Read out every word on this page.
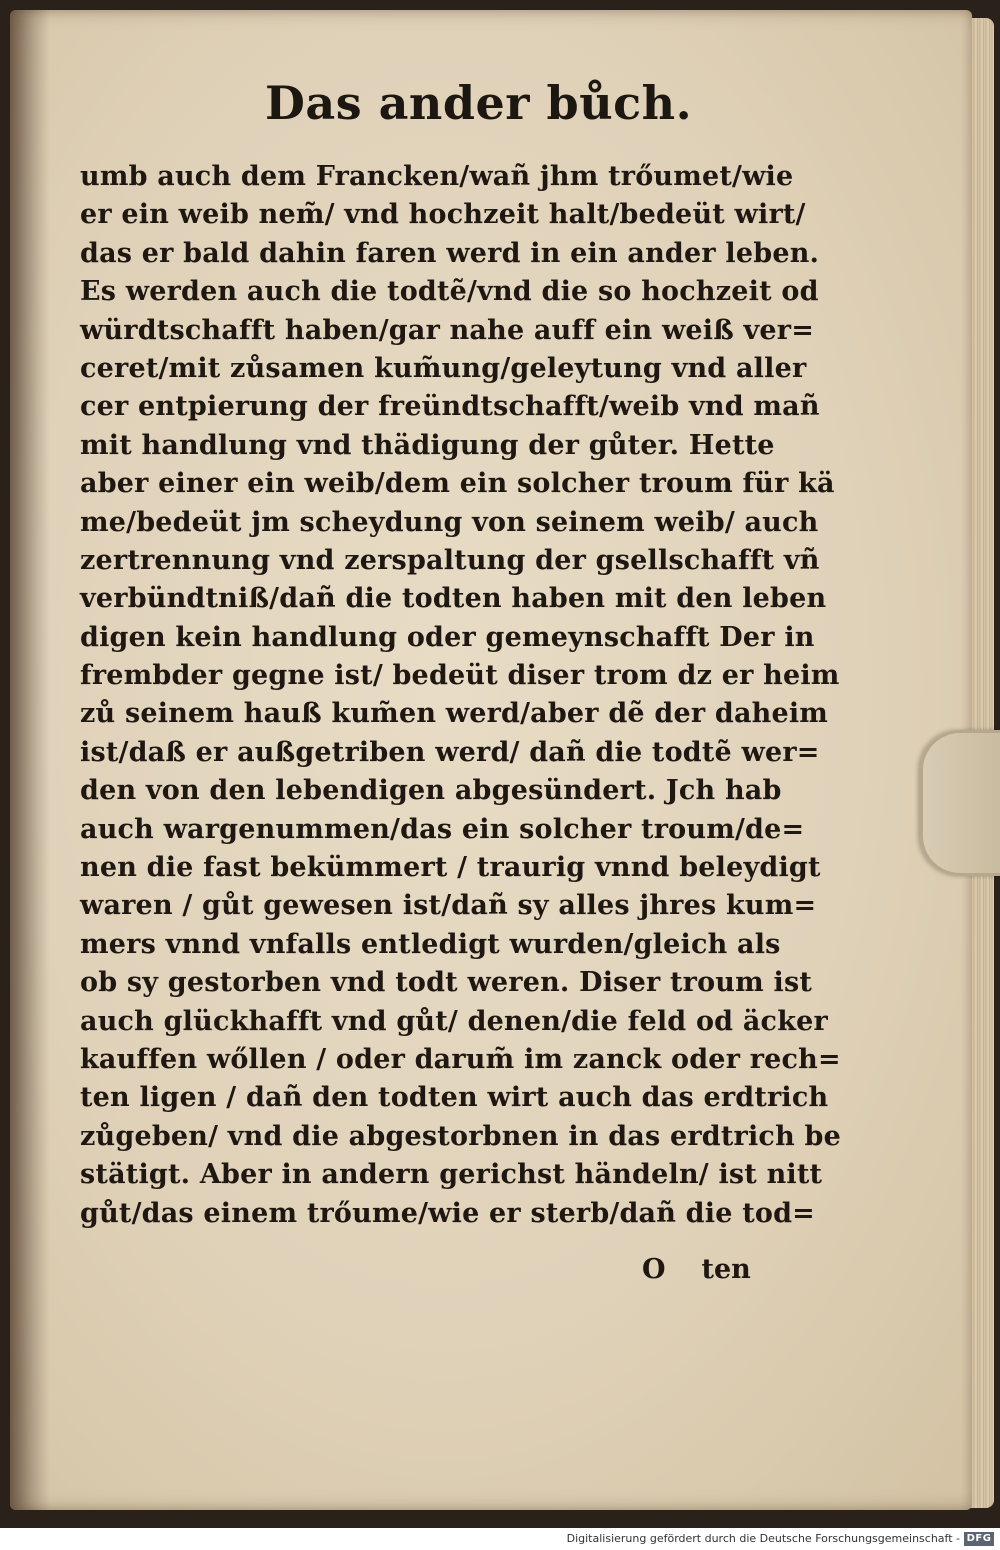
Das ander bůch.
umb auch dem Francken/wañ jhm trőumet/wie
er ein weib nem̃/ vnd hochzeit halt/bedeüt wirt/
das er bald dahin faren werd in ein ander leben.
Es werden auch die todtẽ/vnd die so hochzeit od
würdtschafft haben/gar nahe auff ein weiß ver=
ceret/mit zůsamen kum̃ung/geleytung vnd aller
cer entpierung der freündtschafft/weib vnd mañ
mit handlung vnd thädigung der gůter. Hette
aber einer ein weib/dem ein solcher troum für kä
me/bedeüt jm scheydung von seinem weib/ auch
zertrennung vnd zerspaltung der gsellschafft vñ
verbündtniß/dañ die todten haben mit den leben
digen kein handlung oder gemeynschafft Der in
frembder gegne ist/ bedeüt diser trom dz er heim
zů seinem hauß kum̃en werd/aber dẽ der daheim
ist/daß er außgetriben werd/ dañ die todtẽ wer=
den von den lebendigen abgesündert. Jch hab
auch wargenummen/das ein solcher troum/de=
nen die fast bekümmert / traurig vnnd beleydigt
waren / gůt gewesen ist/dañ sy alles jhres kum=
mers vnnd vnfalls entledigt wurden/gleich als
ob sy gestorben vnd todt weren. Diser troum ist
auch glückhafft vnd gůt/ denen/die feld od äcker
kauffen wőllen / oder darum̃ im zanck oder rech=
ten ligen / dañ den todten wirt auch das erdtrich
zůgeben/ vnd die abgestorbnen in das erdtrich be
stätigt. Aber in andern gerichst händeln/ ist nitt
gůt/das einem trőume/wie er sterb/dañ die tod=
O ten
Digitalisierung gefördert durch die Deutsche Forschungsgemeinschaft - DFG
